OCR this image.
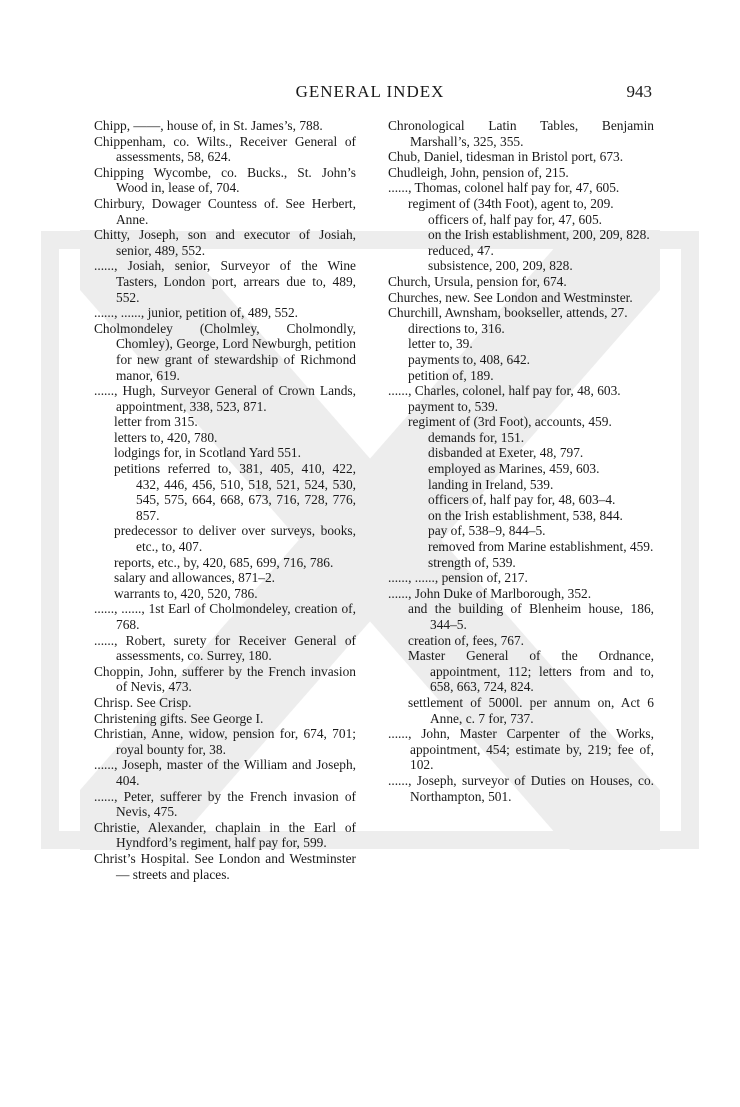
GENERAL INDEX	943

Chipp, ——, house of, in St. James’s, 788.

Chippenham, co. Wilts., Receiver General of assessments, 58, 624.

Chipping Wycombe, co. Bucks., St. John’s Wood in, lease of, 704.

Chirbury, Dowager Countess of. See Herbert, Anne.

Chitty, Joseph, son and executor of Josiah, senior, 489, 552.

......, Josiah, senior, Surveyor of the Wine Tasters, London port, arrears due to, 489, 552.

......, ......, junior, petition of, 489, 552.

Cholmondeley (Cholmley, Cholmondly, Chomley), George, Lord Newburgh, petition for new grant of stewardship of Richmond manor, 619.

......, Hugh, Surveyor General of Crown Lands, appointment, 338, 523, 871.

letter from 315.

letters to, 420, 780.

lodgings for, in Scotland Yard 551.

petitions referred to, 381, 405, 410, 422, 432, 446, 456, 510, 518, 521, 524, 530, 545, 575, 664, 668, 673, 716, 728, 776, 857.

predecessor to deliver over surveys, books, etc., to, 407.

reports, etc., by, 420, 685, 699, 716, 786.

salary and allowances, 871–2.

warrants to, 420, 520, 786.

......, ......, 1st Earl of Cholmondeley, creation of, 768.

......, Robert, surety for Receiver General of assessments, co. Surrey, 180.

Choppin, John, sufferer by the French invasion of Nevis, 473.

Chrisp. See Crisp.

Christening gifts. See George I.

Christian, Anne, widow, pension for, 674, 701; royal bounty for, 38.

......, Joseph, master of the William and Joseph, 404.

......, Peter, sufferer by the French invasion of Nevis, 475.

Christie, Alexander, chaplain in the Earl of Hyndford’s regiment, half pay for, 599.

Christ’s Hospital. See London and Westminster — streets and places.

Chronological Latin Tables, Benjamin Marshall’s, 325, 355.

Chub, Daniel, tidesman in Bristol port, 673.

Chudleigh, John, pension of, 215.

......, Thomas, colonel half pay for, 47, 605.

regiment of (34th Foot), agent to, 209.

officers of, half pay for, 47, 605.

on the Irish establishment, 200, 209, 828.

reduced, 47.

subsistence, 200, 209, 828.

Church, Ursula, pension for, 674.

Churches, new. See London and Westminster.

Churchill, Awnsham, bookseller, attends, 27.

directions to, 316.

letter to, 39.

payments to, 408, 642.

petition of, 189.

......, Charles, colonel, half pay for, 48, 603.

payment to, 539.

regiment of (3rd Foot), accounts, 459.

demands for, 151.

disbanded at Exeter, 48, 797.

employed as Marines, 459, 603.

landing in Ireland, 539.

officers of, half pay for, 48, 603–4.

on the Irish establishment, 538, 844.

pay of, 538–9, 844–5.

removed from Marine establishment, 459.

strength of, 539.

......, ......, pension of, 217.

......, John Duke of Marlborough, 352.

and the building of Blenheim house, 186, 344–5.

creation of, fees, 767.

Master General of the Ordnance, appointment, 112; letters from and to, 658, 663, 724, 824.

settlement of 5000l. per annum on, Act 6 Anne, c. 7 for, 737.

......, John, Master Carpenter of the Works, appointment, 454; estimate by, 219; fee of, 102.

......, Joseph, surveyor of Duties on Houses, co. Northampton, 501.
